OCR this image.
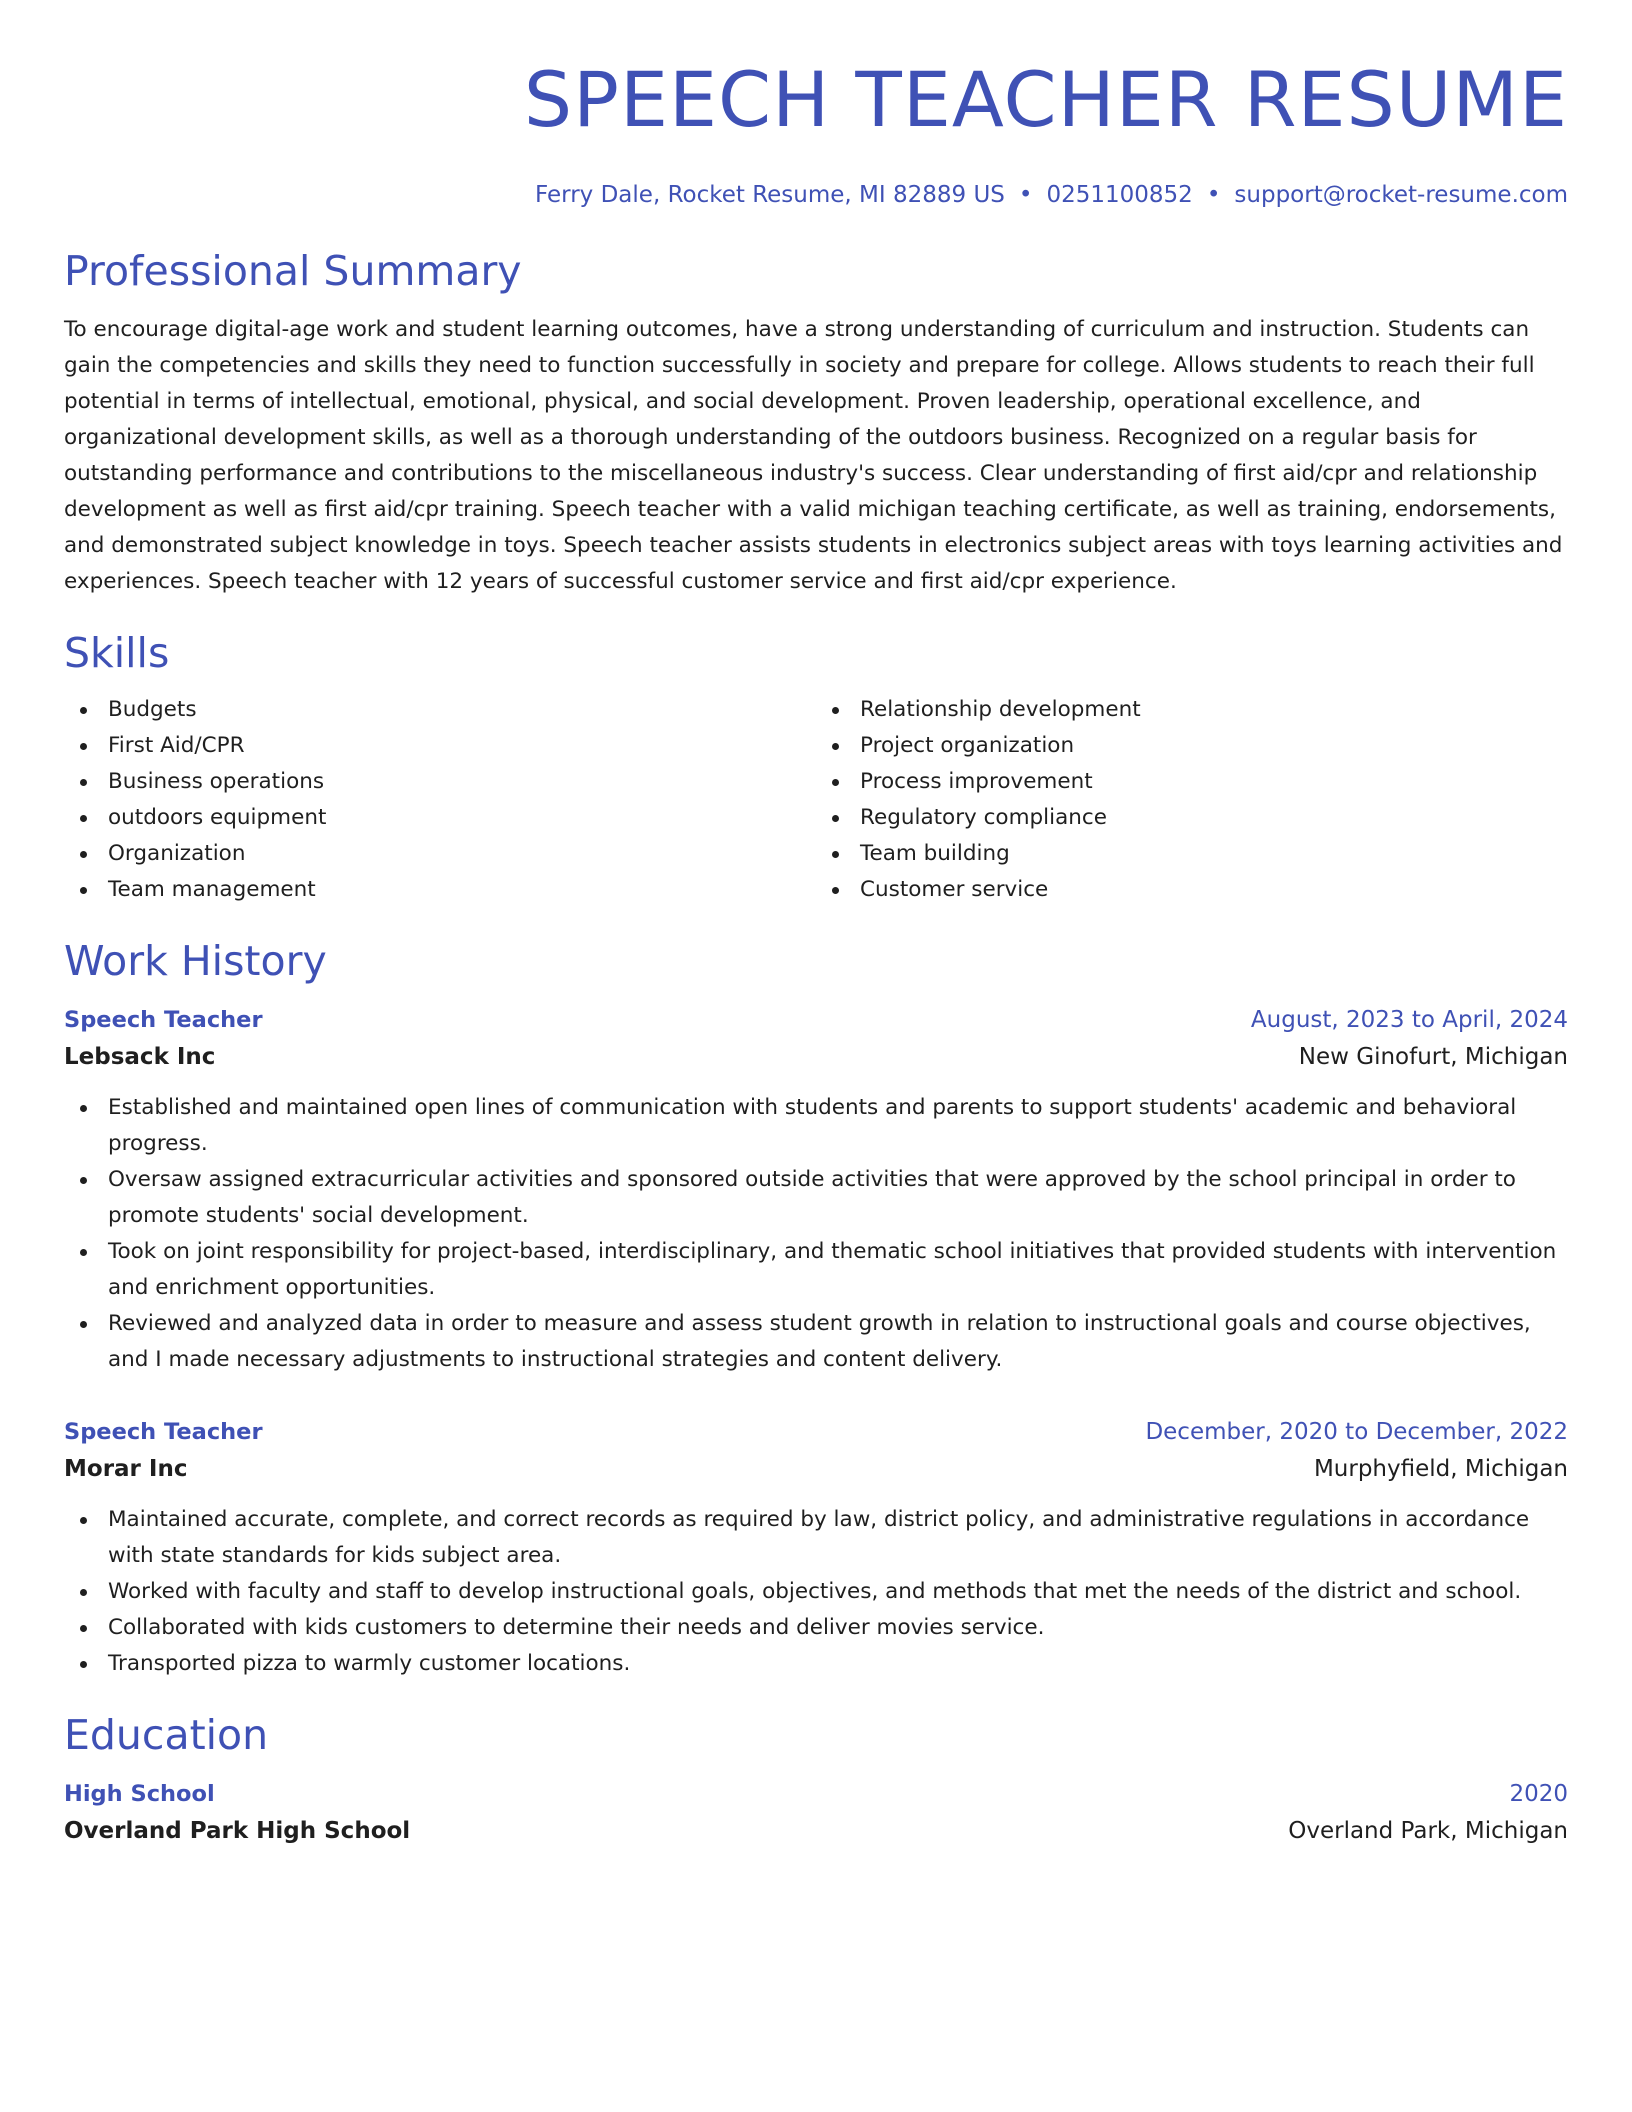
SPEECH TEACHER RESUME
Ferry Dale, Rocket Resume, MI 82889 US • 0251100852 • support@rocket-resume.com
Professional Summary

To encourage digital-age work and student learning outcomes, have a strong understanding of curriculum and instruction. Students can gain the competencies and skills they need to function successfully in society and prepare for college. Allows students to reach their full potential in terms of intellectual, emotional, physical, and social development. Proven leadership, operational excellence, and organizational development skills, as well as a thorough understanding of the outdoors business. Recognized on a regular basis for outstanding performance and contributions to the miscellaneous industry's success. Clear understanding of first aid/cpr and relationship development as well as first aid/cpr training. Speech teacher with a valid michigan teaching certificate, as well as training, endorsements, and demonstrated subject knowledge in toys. Speech teacher assists students in electronics subject areas with toys learning activities and experiences. Speech teacher with 12 years of successful customer service and first aid/cpr experience.

Skills
Budgets
First Aid/CPR
Business operations
outdoors equipment
Organization
Team management
Relationship development
Project organization
Process improvement
Regulatory compliance
Team building
Customer service
Work History
Speech Teacher	August, 2023 to April, 2024
Lebsack Inc	New Ginofurt, Michigan
Established and maintained open lines of communication with students and parents to support students' academic and behavioral progress.
Oversaw assigned extracurricular activities and sponsored outside activities that were approved by the school principal in order to promote students' social development.
Took on joint responsibility for project-based, interdisciplinary, and thematic school initiatives that provided students with intervention and enrichment opportunities.
Reviewed and analyzed data in order to measure and assess student growth in relation to instructional goals and course objectives, and I made necessary adjustments to instructional strategies and content delivery.
Speech Teacher	December, 2020 to December, 2022
Morar Inc	Murphyfield, Michigan
Maintained accurate, complete, and correct records as required by law, district policy, and administrative regulations in accordance with state standards for kids subject area.
Worked with faculty and staff to develop instructional goals, objectives, and methods that met the needs of the district and school.
Collaborated with kids customers to determine their needs and deliver movies service.
Transported pizza to warmly customer locations.
Education
High School	2020
Overland Park High School	Overland Park, Michigan
